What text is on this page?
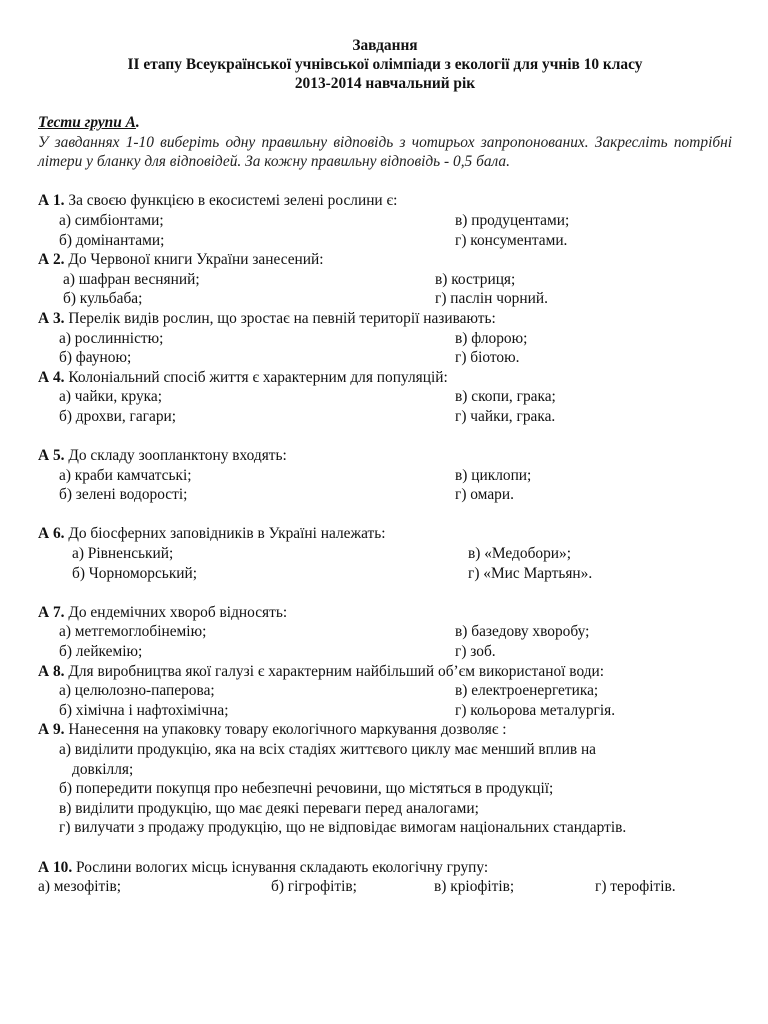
Завдання
ІІ етапу Всеукраїнської учнівської олімпіади з екології для учнів 10 класу
2013-2014 навчальний рік
Тести групи А.
У завданнях 1-10 виберіть одну правильну відповідь з чотирьох запропонованих. Закресліть потрібні літери у бланку для відповідей. За кожну правильну відповідь - 0,5 бала.
А 1. За своєю функцією в екосистемі зелені рослини є:
а) симбіонтами;	в) продуцентами;
б) домінантами;	г) консументами.
А 2. До Червоної книги України занесений:
а) шафран весняний;	в) костриця;
б) кульбаба;	г) паслін чорний.
А 3. Перелік видів рослин, що зростає на певній території називають:
а) рослинністю;	в) флорою;
б) фауною;	г) біотою.
А 4. Колоніальний спосіб життя є характерним для популяцій:
а) чайки, крука;	в) скопи, грака;
б) дрохви, гагари;	г) чайки, грака.
А 5. До складу зоопланктону входять:
а) краби камчатські;	в) циклопи;
б) зелені водорості;	г) омари.
А 6. До біосферних заповідників в Україні належать:
а) Рівненський;	в) «Медобори»;
б) Чорноморський;	г) «Мис Мартьян».
А 7. До ендемічних хвороб відносять:
а) метгемоглобінемію;	в) базедову хворобу;
б) лейкемію;	г) зоб.
А 8. Для виробництва якої галузі є характерним найбільший об’єм використаної води:
а) целюлозно-паперова;	в) електроенергетика;
б) хімічна і нафтохімічна;	г) кольорова металургія.
А 9. Нанесення на упаковку товару екологічного маркування дозволяє :
а) виділити продукцію, яка на всіх стадіях життєвого циклу має менший вплив на
довкілля;
б) попередити покупця про небезпечні речовини, що містяться в продукції;
в) виділити продукцію, що має деякі переваги перед аналогами;
г) вилучати з продажу продукцію, що не відповідає вимогам національних стандартів.
А 10. Рослини вологих місць існування складають екологічну групу:
а) мезофітів;	б) гігрофітів;	в) кріофітів;	г) терофітів.
